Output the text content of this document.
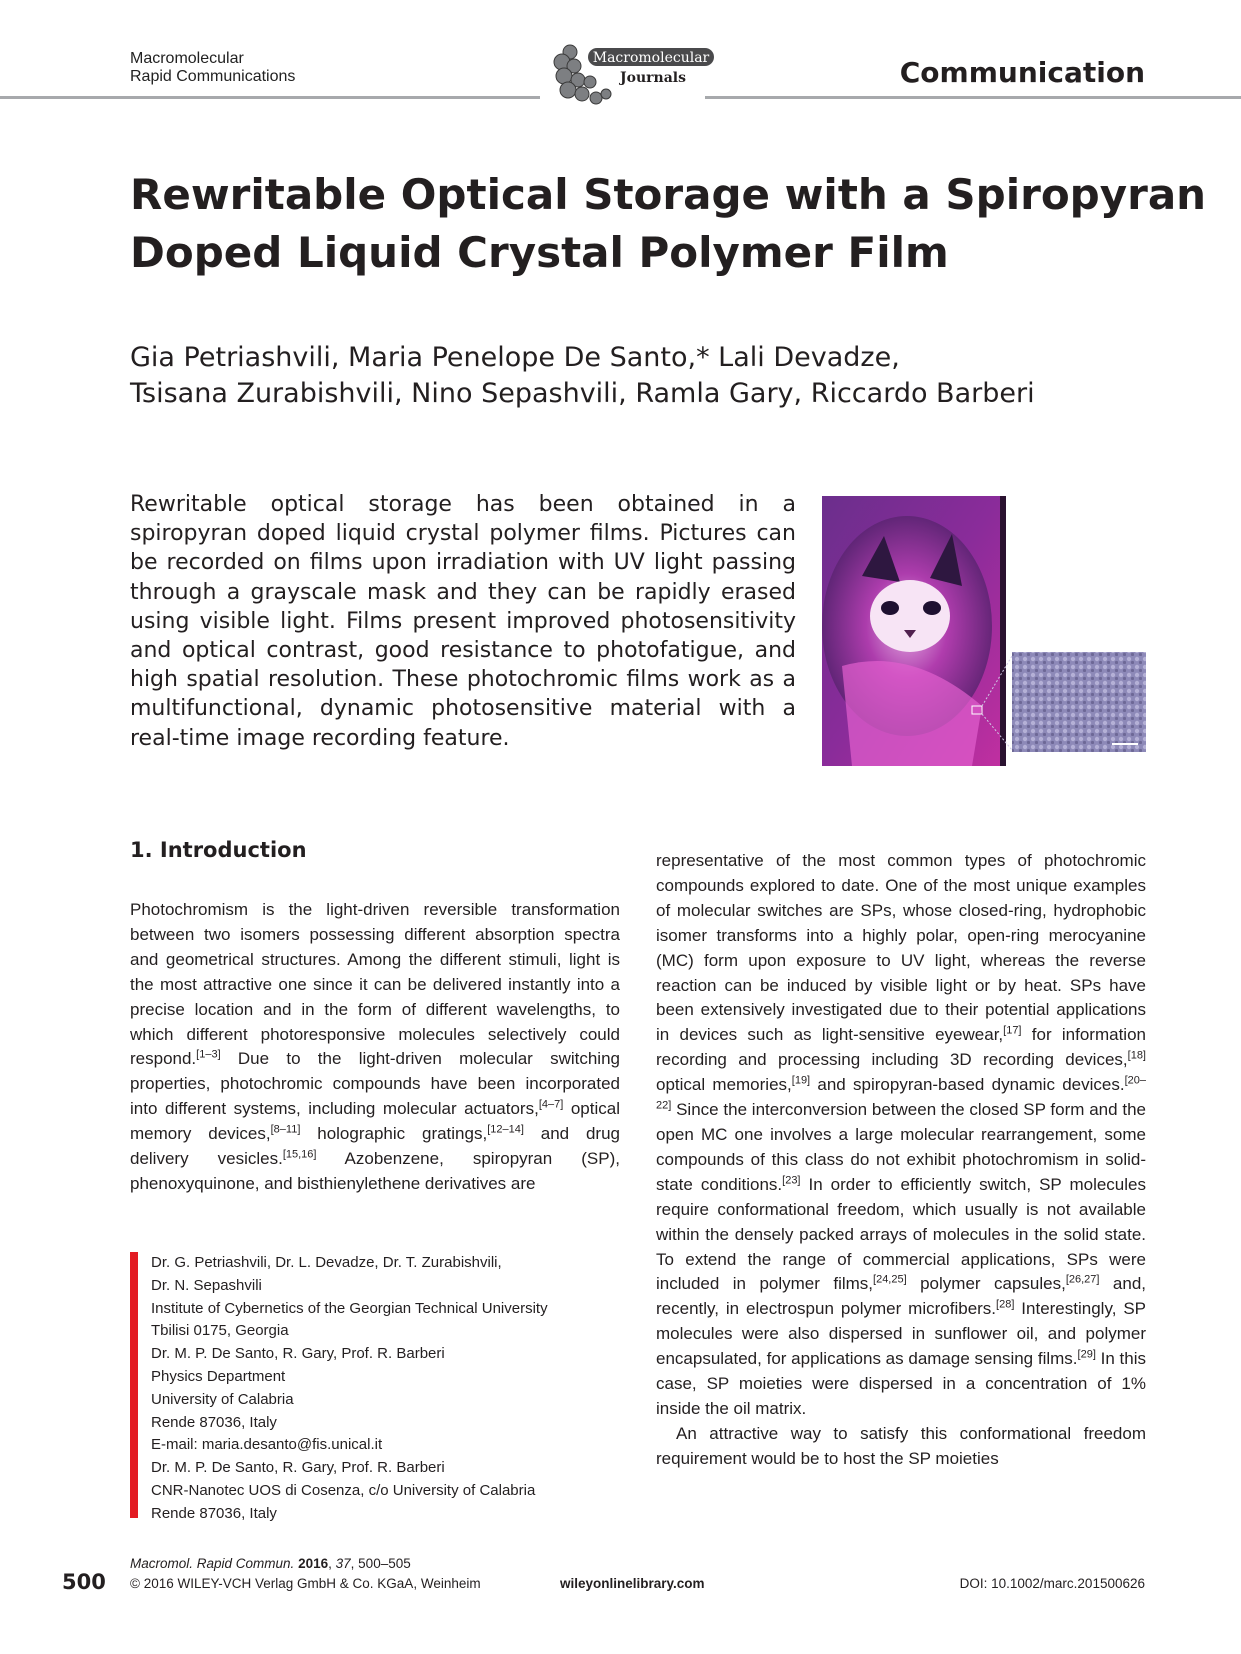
Macromolecular
Rapid Communications
Macromolecular
Journals	Communication
Rewritable Optical Storage with a Spiropyran
Doped Liquid Crystal Polymer Film
Gia Petriashvili, Maria Penelope De Santo,* Lali Devadze,
Tsisana Zurabishvili, Nino Sepashvili, Ramla Gary, Riccardo Barberi
Rewritable optical storage has been obtained in a spiropyran doped liquid crystal polymer films. Pictures can be recorded on films upon irradiation with UV light passing through a grayscale mask and they can be rapidly erased using visible light. Films present improved photosensitivity and optical contrast, good resistance to photofatigue, and high spatial resolution. These photochromic films work as a multifunctional, dynamic photosensitive material with a real-time image recording feature.
1. Introduction

Photochromism is the light-driven reversible transformation between two isomers possessing different absorption spectra and geometrical structures. Among the different stimuli, light is the most attractive one since it can be delivered instantly into a precise location and in the form of different wavelengths, to which different photoresponsive molecules selectively could respond.[1–3] Due to the light-driven molecular switching properties, photochromic compounds have been incorporated into different systems, including molecular actuators,[4–7] optical memory devices,[8–11] holographic gratings,[12–14] and drug delivery vesicles.[15,16] Azobenzene, spiropyran (SP), phenoxyquinone, and bisthienylethene derivatives are

representative of the most common types of photochromic compounds explored to date. One of the most unique examples of molecular switches are SPs, whose closed-ring, hydrophobic isomer transforms into a highly polar, open-ring merocyanine (MC) form upon exposure to UV light, whereas the reverse reaction can be induced by visible light or by heat. SPs have been extensively investigated due to their potential applications in devices such as light-sensitive eyewear,[17] for information recording and processing including 3D recording devices,[18] optical memories,[19] and spiropyran-based dynamic devices.[20–22] Since the interconversion between the closed SP form and the open MC one involves a large molecular rearrangement, some compounds of this class do not exhibit photochromism in solid-state conditions.[23] In order to efficiently switch, SP molecules require conformational freedom, which usually is not available within the densely packed arrays of molecules in the solid state. To extend the range of commercial applications, SPs were included in polymer films,[24,25] polymer capsules,[26,27] and, recently, in electrospun polymer microfibers.[28] Interestingly, SP molecules were also dispersed in sunflower oil, and polymer encapsulated, for applications as damage sensing films.[29] In this case, SP moieties were dispersed in a concentration of 1% inside the oil matrix.

An attractive way to satisfy this conformational freedom requirement would be to host the SP moieties

Dr. G. Petriashvili, Dr. L. Devadze, Dr. T. Zurabishvili,
Dr. N. Sepashvili
Institute of Cybernetics of the Georgian Technical University
Tbilisi 0175, Georgia
Dr. M. P. De Santo, R. Gary, Prof. R. Barberi
Physics Department
University of Calabria
Rende 87036, Italy
E-mail: maria.desanto@fis.unical.it
Dr. M. P. De Santo, R. Gary, Prof. R. Barberi
CNR-Nanotec UOS di Cosenza, c/o University of Calabria
Rende 87036, Italy
500
Macromol. Rapid Commun. 2016, 37, 500–505
© 2016 WILEY-VCH Verlag GmbH & Co. KGaA, Weinheim	wileyonlinelibrary.com	DOI: 10.1002/marc.201500626
